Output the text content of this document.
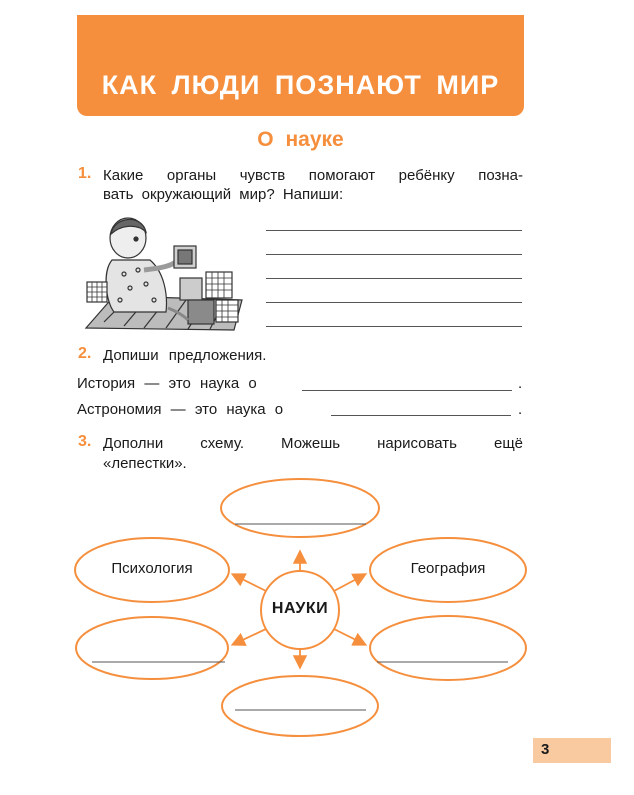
КАК ЛЮДИ ПОЗНАЮТ МИР
О науке
1. Какие органы чувств помогают ребёнку позна-
вать окружающий мир? Напиши:
2. Допиши предложения.
История — это наука о	.
Астрономия — это наука о	.
3. Дополни схему. Можешь нарисовать ещё
«лепестки».
Психология	География
НАУКИ
3
